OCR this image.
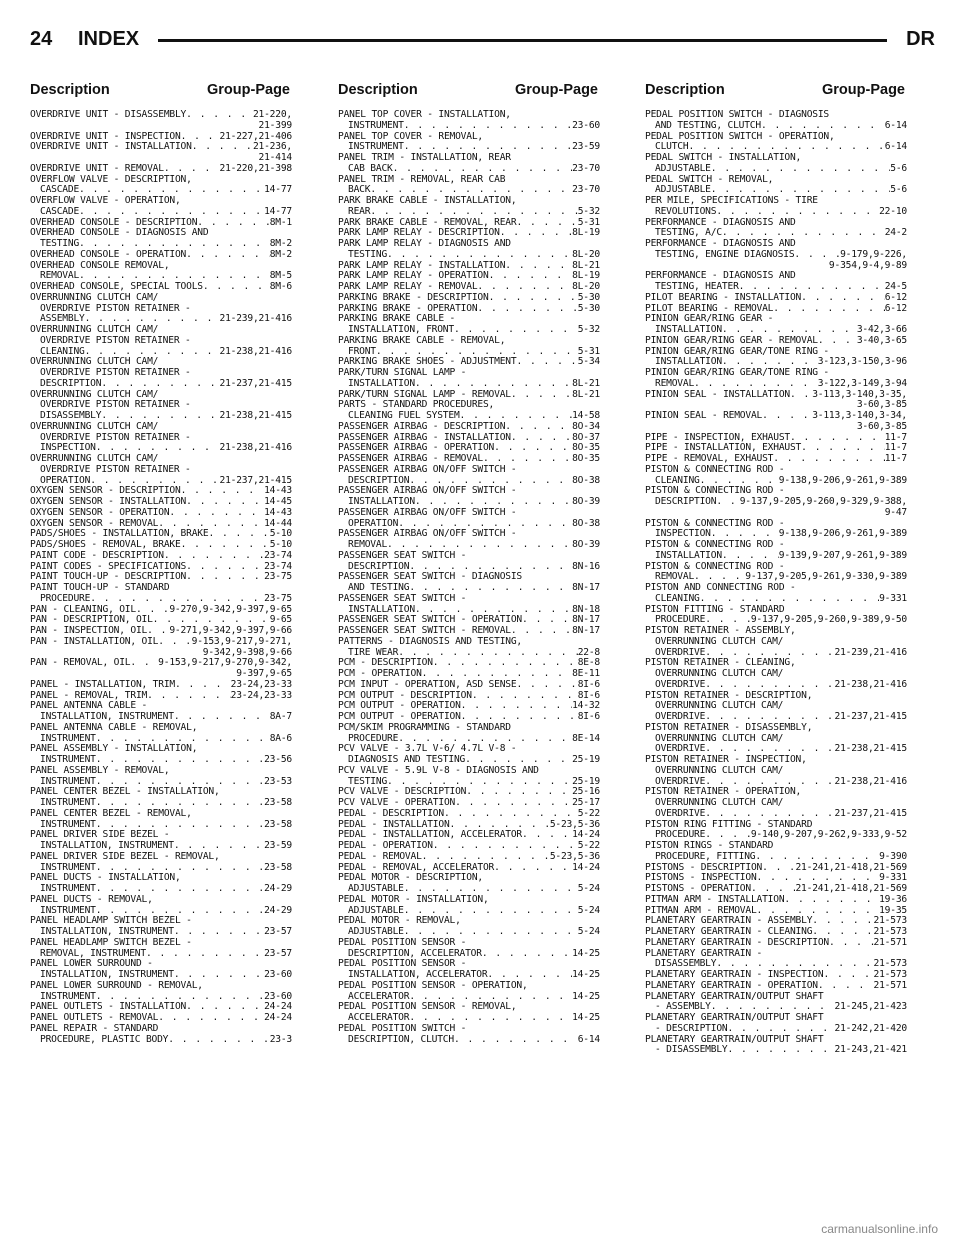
24 INDEX	DR
Description	Group-Page	Description	Group-Page	Description	Group-Page
OVERDRIVE UNIT - DISASSEMBLY . . .	21-220,
21-399
OVERDRIVE UNIT - INSPECTION . . .	21-227,21-406
OVERDRIVE UNIT - INSTALLATION . . .	21-236,
21-414
OVERDRIVE UNIT - REMOVAL . . .	21-220,21-398
OVERFLOW VALVE - DESCRIPTION,
CASCADE . . .	14-77
OVERFLOW VALVE - OPERATION,
CASCADE . . .	14-77
OVERHEAD CONSOLE - DESCRIPTION . . .	8M-1
OVERHEAD CONSOLE - DIAGNOSIS AND
TESTING . . .	8M-2
OVERHEAD CONSOLE - OPERATION . . .	8M-2
OVERHEAD CONSOLE REMOVAL,
REMOVAL . . .	8M-5
OVERHEAD CONSOLE, SPECIAL TOOLS . . .	8M-6
OVERRUNNING CLUTCH CAM/
OVERDRIVE PISTON RETAINER -
ASSEMBLY . . .	21-239,21-416
OVERRUNNING CLUTCH CAM/
OVERDRIVE PISTON RETAINER -
CLEANING . . .	21-238,21-416
OVERRUNNING CLUTCH CAM/
OVERDRIVE PISTON RETAINER -
DESCRIPTION . . .	21-237,21-415
OVERRUNNING CLUTCH CAM/
OVERDRIVE PISTON RETAINER -
DISASSEMBLY . . .	21-238,21-415
OVERRUNNING CLUTCH CAM/
OVERDRIVE PISTON RETAINER -
INSPECTION . . .	21-238,21-416
OVERRUNNING CLUTCH CAM/
OVERDRIVE PISTON RETAINER -
OPERATION . . .	21-237,21-415
OXYGEN SENSOR - DESCRIPTION . . .	14-43
OXYGEN SENSOR - INSTALLATION . . .	14-45
OXYGEN SENSOR - OPERATION . . .	14-43
OXYGEN SENSOR - REMOVAL . . .	14-44
PADS/SHOES - INSTALLATION, BRAKE . . .	5-10
PADS/SHOES - REMOVAL, BRAKE . . .	5-10
PAINT CODE - DESCRIPTION . . .	23-74
PAINT CODES - SPECIFICATIONS . . .	23-74
PAINT TOUCH-UP - DESCRIPTION . . .	23-75
PAINT TOUCH-UP - STANDARD
PROCEDURE . . .	23-75
PAN - CLEANING, OIL . . .	9-270,9-342,9-397,9-65
PAN - DESCRIPTION, OIL . . .	9-65
PAN - INSPECTION, OIL . . . 9-271,9-342,9-397,9-66
PAN - INSTALLATION, OIL . . .	9-153,9-217,9-271,
9-342,9-398,9-66
PAN - REMOVAL, OIL . . .	9-153,9-217,9-270,9-342,
9-397,9-65
PANEL - INSTALLATION, TRIM . . .	23-24,23-33
PANEL - REMOVAL, TRIM . . .	23-24,23-33
PANEL ANTENNA CABLE -
INSTALLATION, INSTRUMENT . . .	8A-7
PANEL ANTENNA CABLE - REMOVAL,
INSTRUMENT . . .	8A-6
PANEL ASSEMBLY - INSTALLATION,
INSTRUMENT . . .	23-56
PANEL ASSEMBLY - REMOVAL,
INSTRUMENT . . .	23-53
PANEL CENTER BEZEL - INSTALLATION,
INSTRUMENT . . .	23-58
PANEL CENTER BEZEL - REMOVAL,
INSTRUMENT . . .	23-58
PANEL DRIVER SIDE BEZEL -
INSTALLATION, INSTRUMENT . . .	23-59
PANEL DRIVER SIDE BEZEL - REMOVAL,
INSTRUMENT . . .	23-58
PANEL DUCTS - INSTALLATION,
INSTRUMENT . . .	24-29
PANEL DUCTS - REMOVAL,
INSTRUMENT . . .	24-29
PANEL HEADLAMP SWITCH BEZEL -
INSTALLATION, INSTRUMENT . . .	23-57
PANEL HEADLAMP SWITCH BEZEL -
REMOVAL, INSTRUMENT . . .	23-57
PANEL LOWER SURROUND -
INSTALLATION, INSTRUMENT . . .	23-60
PANEL LOWER SURROUND - REMOVAL,
INSTRUMENT . . .	23-60
PANEL OUTLETS - INSTALLATION . . .	24-24
PANEL OUTLETS - REMOVAL . . .	24-24
PANEL REPAIR - STANDARD
PROCEDURE, PLASTIC BODY . . .	23-3
PANEL TOP COVER - INSTALLATION,
INSTRUMENT . . .	23-60
PANEL TOP COVER - REMOVAL,
INSTRUMENT . . .	23-59
PANEL TRIM - INSTALLATION, REAR
CAB BACK . . .	23-70
PANEL TRIM - REMOVAL, REAR CAB
BACK . . .	23-70
PARK BRAKE CABLE - INSTALLATION,
REAR . . .	5-32
PARK BRAKE CABLE - REMOVAL, REAR . . .	5-31
PARK LAMP RELAY - DESCRIPTION . . .	8L-19
PARK LAMP RELAY - DIAGNOSIS AND
TESTING . . .	8L-20
PARK LAMP RELAY - INSTALLATION . . .	8L-21
PARK LAMP RELAY - OPERATION . . .	8L-19
PARK LAMP RELAY - REMOVAL . . .	8L-20
PARKING BRAKE - DESCRIPTION . . .	5-30
PARKING BRAKE - OPERATION . . .	5-30
PARKING BRAKE CABLE -
INSTALLATION, FRONT . . .	5-32
PARKING BRAKE CABLE - REMOVAL,
FRONT . . .	5-31
PARKING BRAKE SHOES - ADJUSTMENT . . .	5-34
PARK/TURN SIGNAL LAMP -
INSTALLATION . . .	8L-21
PARK/TURN SIGNAL LAMP - REMOVAL . . .	8L-21
PARTS - STANDARD PROCEDURES,
CLEANING FUEL SYSTEM . . .	14-58
PASSENGER AIRBAG - DESCRIPTION . . .	8O-34
PASSENGER AIRBAG - INSTALLATION . . .	8O-37
PASSENGER AIRBAG - OPERATION . . .	8O-35
PASSENGER AIRBAG - REMOVAL . . .	8O-35
PASSENGER AIRBAG ON/OFF SWITCH -
DESCRIPTION . . .	8O-38
PASSENGER AIRBAG ON/OFF SWITCH -
INSTALLATION . . .	8O-39
PASSENGER AIRBAG ON/OFF SWITCH -
OPERATION . . .	8O-38
PASSENGER AIRBAG ON/OFF SWITCH -
REMOVAL . . .	8O-39
PASSENGER SEAT SWITCH -
DESCRIPTION . . .	8N-16
PASSENGER SEAT SWITCH - DIAGNOSIS
AND TESTING . . .	8N-17
PASSENGER SEAT SWITCH -
INSTALLATION . . .	8N-18
PASSENGER SEAT SWITCH - OPERATION . . .	8N-17
PASSENGER SEAT SWITCH - REMOVAL . . .	8N-17
PATTERNS - DIAGNOSIS AND TESTING,
TIRE WEAR . . .	22-8
PCM - DESCRIPTION . . .	8E-8
PCM - OPERATION . . .	8E-11
PCM INPUT - OPERATION, ASD SENSE . . .	8I-6
PCM OUTPUT - DESCRIPTION . . .	8I-6
PCM OUTPUT - OPERATION . . .	14-32
PCM OUTPUT - OPERATION . . .	8I-6
PCM/SKIM PROGRAMMING - STANDARD
PROCEDURE . . .	8E-14
PCV VALVE - 3.7L V-6/ 4.7L V-8 -
DIAGNOSIS AND TESTING . . .	25-19
PCV VALVE - 5.9L V-8 - DIAGNOSIS AND
TESTING . . .	25-19
PCV VALVE - DESCRIPTION . . .	25-16
PCV VALVE - OPERATION . . .	25-17
PEDAL - DESCRIPTION . . .	5-22
PEDAL - INSTALLATION . . .	5-23,5-36
PEDAL - INSTALLATION, ACCELERATOR . . .	14-24
PEDAL - OPERATION . . .	5-22
PEDAL - REMOVAL . . .	5-23,5-36
PEDAL - REMOVAL, ACCELERATOR . . .	14-24
PEDAL MOTOR - DESCRIPTION,
ADJUSTABLE . . .	5-24
PEDAL MOTOR - INSTALLATION,
ADJUSTABLE . . .	5-24
PEDAL MOTOR - REMOVAL,
ADJUSTABLE . . .	5-24
PEDAL POSITION SENSOR -
DESCRIPTION, ACCELERATOR . . .	14-25
PEDAL POSITION SENSOR -
INSTALLATION, ACCELERATOR . . .	14-25
PEDAL POSITION SENSOR - OPERATION,
ACCELERATOR . . .	14-25
PEDAL POSITION SENSOR - REMOVAL,
ACCELERATOR . . .	14-25
PEDAL POSITION SWITCH -
DESCRIPTION, CLUTCH . . .	6-14
PEDAL POSITION SWITCH - DIAGNOSIS
AND TESTING, CLUTCH . . .	6-14
PEDAL POSITION SWITCH - OPERATION,
CLUTCH . . .	6-14
PEDAL SWITCH - INSTALLATION,
ADJUSTABLE . . .	5-6
PEDAL SWITCH - REMOVAL,
ADJUSTABLE . . .	5-6
PER MILE, SPECIFICATIONS - TIRE
REVOLUTIONS . . .	22-10
PERFORMANCE - DIAGNOSIS AND
TESTING, A/C . . .	24-2
PERFORMANCE - DIAGNOSIS AND
TESTING, ENGINE DIAGNOSIS . . .	9-179,9-226,
9-354,9-4,9-89
PERFORMANCE - DIAGNOSIS AND
TESTING, HEATER . . .	24-5
PILOT BEARING - INSTALLATION . . .	6-12
PILOT BEARING - REMOVAL . . .	6-12
PINION GEAR/RING GEAR -
INSTALLATION . . .	3-42,3-66
PINION GEAR/RING GEAR - REMOVAL . . .	3-40,3-65
PINION GEAR/RING GEAR/TONE RING -
INSTALLATION . . .	3-123,3-150,3-96
PINION GEAR/RING GEAR/TONE RING -
REMOVAL . . .	3-122,3-149,3-94
PINION SEAL - INSTALLATION . . . 3-113,3-140,3-35,
3-60,3-85
PINION SEAL - REMOVAL . . .	3-113,3-140,3-34,
3-60,3-85
PIPE - INSPECTION, EXHAUST . . .	11-7
PIPE - INSTALLATION, EXHAUST . . .	11-7
PIPE - REMOVAL, EXHAUST . . .	11-7
PISTON & CONNECTING ROD -
CLEANING . . .	9-138,9-206,9-261,9-389
PISTON & CONNECTING ROD -
DESCRIPTION . . . 9-137,9-205,9-260,9-329,9-388,
9-47
PISTON & CONNECTING ROD -
INSPECTION . . .	9-138,9-206,9-261,9-389
PISTON & CONNECTING ROD -
INSTALLATION . . .	9-139,9-207,9-261,9-389
PISTON & CONNECTING ROD -
REMOVAL . . .	9-137,9-205,9-261,9-330,9-389
PISTON AND CONNECTING ROD -
CLEANING . . .	9-331
PISTON FITTING - STANDARD
PROCEDURE . . .	9-137,9-205,9-260,9-389,9-50
PISTON RETAINER - ASSEMBLY,
OVERRUNNING CLUTCH CAM/
OVERDRIVE . . .	21-239,21-416
PISTON RETAINER - CLEANING,
OVERRUNNING CLUTCH CAM/
OVERDRIVE . . .	21-238,21-416
PISTON RETAINER - DESCRIPTION,
OVERRUNNING CLUTCH CAM/
OVERDRIVE . . .	21-237,21-415
PISTON RETAINER - DISASSEMBLY,
OVERRUNNING CLUTCH CAM/
OVERDRIVE . . .	21-238,21-415
PISTON RETAINER - INSPECTION,
OVERRUNNING CLUTCH CAM/
OVERDRIVE . . .	21-238,21-416
PISTON RETAINER - OPERATION,
OVERRUNNING CLUTCH CAM/
OVERDRIVE . . .	21-237,21-415
PISTON RING FITTING - STANDARD
PROCEDURE . . .	9-140,9-207,9-262,9-333,9-52
PISTON RINGS - STANDARD
PROCEDURE, FITTING . . .	9-390
PISTONS - DESCRIPTION . . .	21-241,21-418,21-569
PISTONS - INSPECTION . . .	9-331
PISTONS - OPERATION . . .	21-241,21-418,21-569
PITMAN ARM - INSTALLATION . . .	19-36
PITMAN ARM - REMOVAL . . .	19-35
PLANETARY GEARTRAIN - ASSEMBLY . . .	21-573
PLANETARY GEARTRAIN - CLEANING . . .	21-573
PLANETARY GEARTRAIN - DESCRIPTION . . .	21-571
PLANETARY GEARTRAIN -
DISASSEMBLY . . .	21-573
PLANETARY GEARTRAIN - INSPECTION . . .	21-573
PLANETARY GEARTRAIN - OPERATION . . .	21-571
PLANETARY GEARTRAIN/OUTPUT SHAFT
- ASSEMBLY . . .	21-245,21-423
PLANETARY GEARTRAIN/OUTPUT SHAFT
- DESCRIPTION . . .	21-242,21-420
PLANETARY GEARTRAIN/OUTPUT SHAFT
- DISASSEMBLY . . .	21-243,21-421
carmanualsonline.info
